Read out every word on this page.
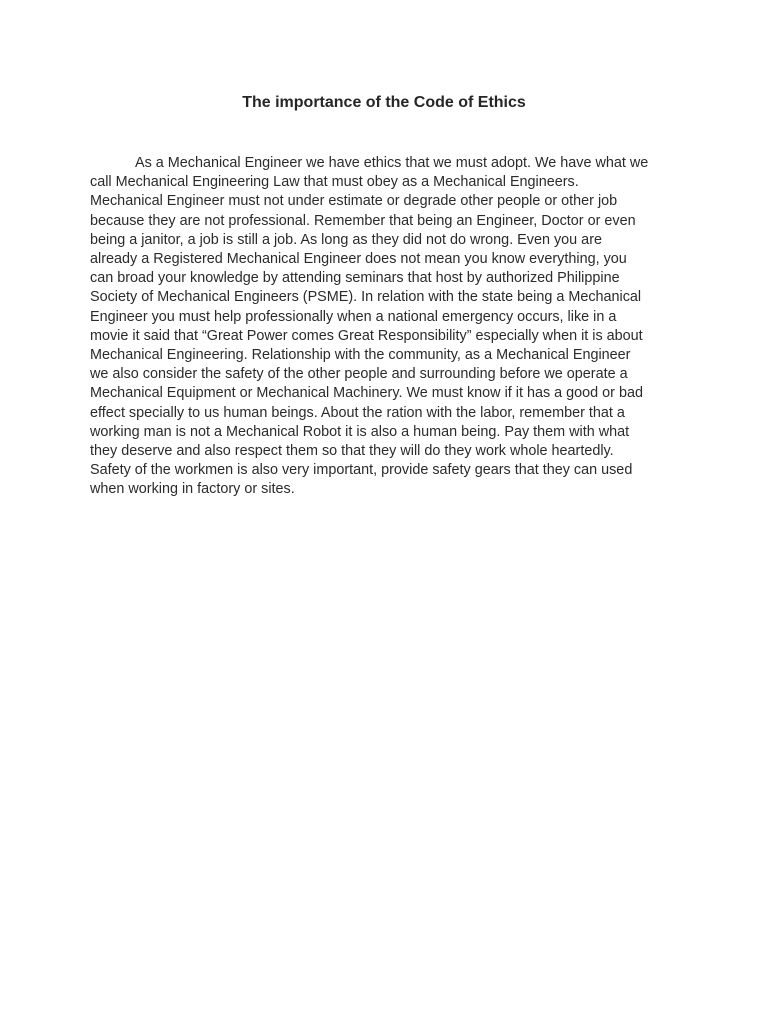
The importance of the Code of Ethics

As a Mechanical Engineer we have ethics that we must adopt. We have what we
call Mechanical Engineering Law that must obey as a Mechanical Engineers.
Mechanical Engineer must not under estimate or degrade other people or other job
because they are not professional. Remember that being an Engineer, Doctor or even
being a janitor, a job is still a job. As long as they did not do wrong. Even you are
already a Registered Mechanical Engineer does not mean you know everything, you
can broad your knowledge by attending seminars that host by authorized Philippine
Society of Mechanical Engineers (PSME). In relation with the state being a Mechanical
Engineer you must help professionally when a national emergency occurs, like in a
movie it said that “Great Power comes Great Responsibility” especially when it is about
Mechanical Engineering. Relationship with the community, as a Mechanical Engineer
we also consider the safety of the other people and surrounding before we operate a
Mechanical Equipment or Mechanical Machinery. We must know if it has a good or bad
effect specially to us human beings. About the ration with the labor, remember that a
working man is not a Mechanical Robot it is also a human being. Pay them with what
they deserve and also respect them so that they will do they work whole heartedly.
Safety of the workmen is also very important, provide safety gears that they can used
when working in factory or sites.
